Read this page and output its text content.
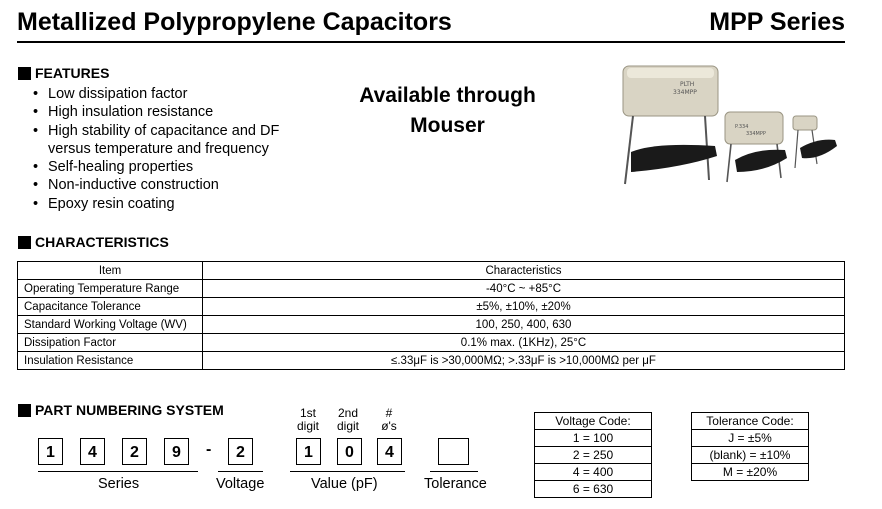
Metallized Polypropylene Capacitors	MPP Series
FEATURES
• Low dissipation factor
• High insulation resistance
• High stability of capacitance and DF
versus temperature and frequency
• Self-healing properties
• Non-inductive construction
• Epoxy resin coating
Available through
Mouser
PLTH
334MPP
P.334
334MPP
CHARACTERISTICS
Item	Characteristics
Operating Temperature Range	-40°C ~ +85°C
Capacitance Tolerance	±5%, ±10%, ±20%
Standard Working Voltage (WV)	100, 250, 400, 630
Dissipation Factor	0.1% max. (1KHz), 25°C
Insulation Resistance	≤.33μF is >30,000MΩ; >.33μF is >10,000MΩ per μF
PART NUMBERING SYSTEM	1st
digit
2nd
digit
#
ø's
1	4	2	9	-	2	1	0	4
Series	Voltage	Value (pF)	Tolerance
Voltage Code:
1 = 100
2 = 250
4 = 400
6 = 630
Tolerance Code:
J = ±5%
(blank) = ±10%
M = ±20%
